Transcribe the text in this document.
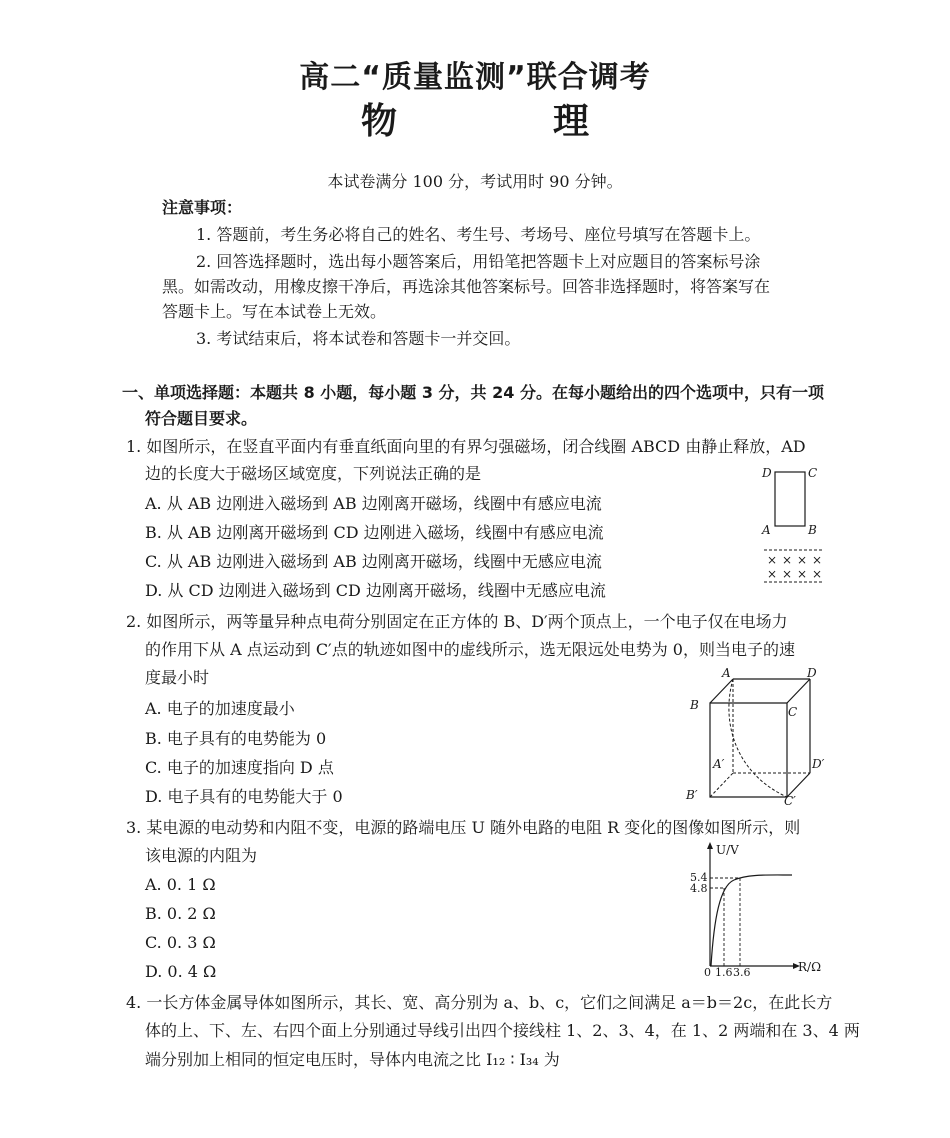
高二“质量监测”联合调考
物　理
本试卷满分 100 分，考试用时 90 分钟。
注意事项：
1. 答题前，考生务必将自己的姓名、考生号、考场号、座位号填写在答题卡上。
2. 回答选择题时，选出每小题答案后，用铅笔把答题卡上对应题目的答案标号涂
黑。如需改动，用橡皮擦干净后，再选涂其他答案标号。回答非选择题时，将答案写在
答题卡上。写在本试卷上无效。
3. 考试结束后，将本试卷和答题卡一并交回。
一、单项选择题：本题共 8 小题，每小题 3 分，共 24 分。在每小题给出的四个选项中，只有一项
符合题目要求。
1. 如图所示，在竖直平面内有垂直纸面向里的有界匀强磁场，闭合线圈 ABCD 由静止释放，AD
边的长度大于磁场区域宽度，下列说法正确的是
A. 从 AB 边刚进入磁场到 AB 边刚离开磁场，线圈中有感应电流
B. 从 AB 边刚离开磁场到 CD 边刚进入磁场，线圈中有感应电流
C. 从 AB 边刚进入磁场到 AB 边刚离开磁场，线圈中无感应电流
D. 从 CD 边刚进入磁场到 CD 边刚离开磁场，线圈中无感应电流
D	C
A	B
× × × ×
× × × ×
2. 如图所示，两等量异种点电荷分别固定在正方体的 B、D′两个顶点上，一个电子仅在电场力
的作用下从 A 点运动到 C′点的轨迹如图中的虚线所示，选无限远处电势为 0，则当电子的速
度最小时
A. 电子的加速度最小
B. 电子具有的电势能为 0
C. 电子的加速度指向 D 点
D. 电子具有的电势能大于 0
A	D
B	C
A′	D′
B′	C′
3. 某电源的电动势和内阻不变，电源的路端电压 U 随外电路的电阻 R 变化的图像如图所示，则
该电源的内阻为
A. 0. 1 Ω
B. 0. 2 Ω
C. 0. 3 Ω
D. 0. 4 Ω
U/V
R/Ω
5.4
4.8
0 1.6 3.6
4. 一长方体金属导体如图所示，其长、宽、高分别为 a、b、c，它们之间满足 a＝b＝2c，在此长方
体的上、下、左、右四个面上分别通过导线引出四个接线柱 1、2、3、4，在 1、2 两端和在 3、4 两
端分别加上相同的恒定电压时，导体内电流之比 I₁₂ ∶ I₃₄ 为
